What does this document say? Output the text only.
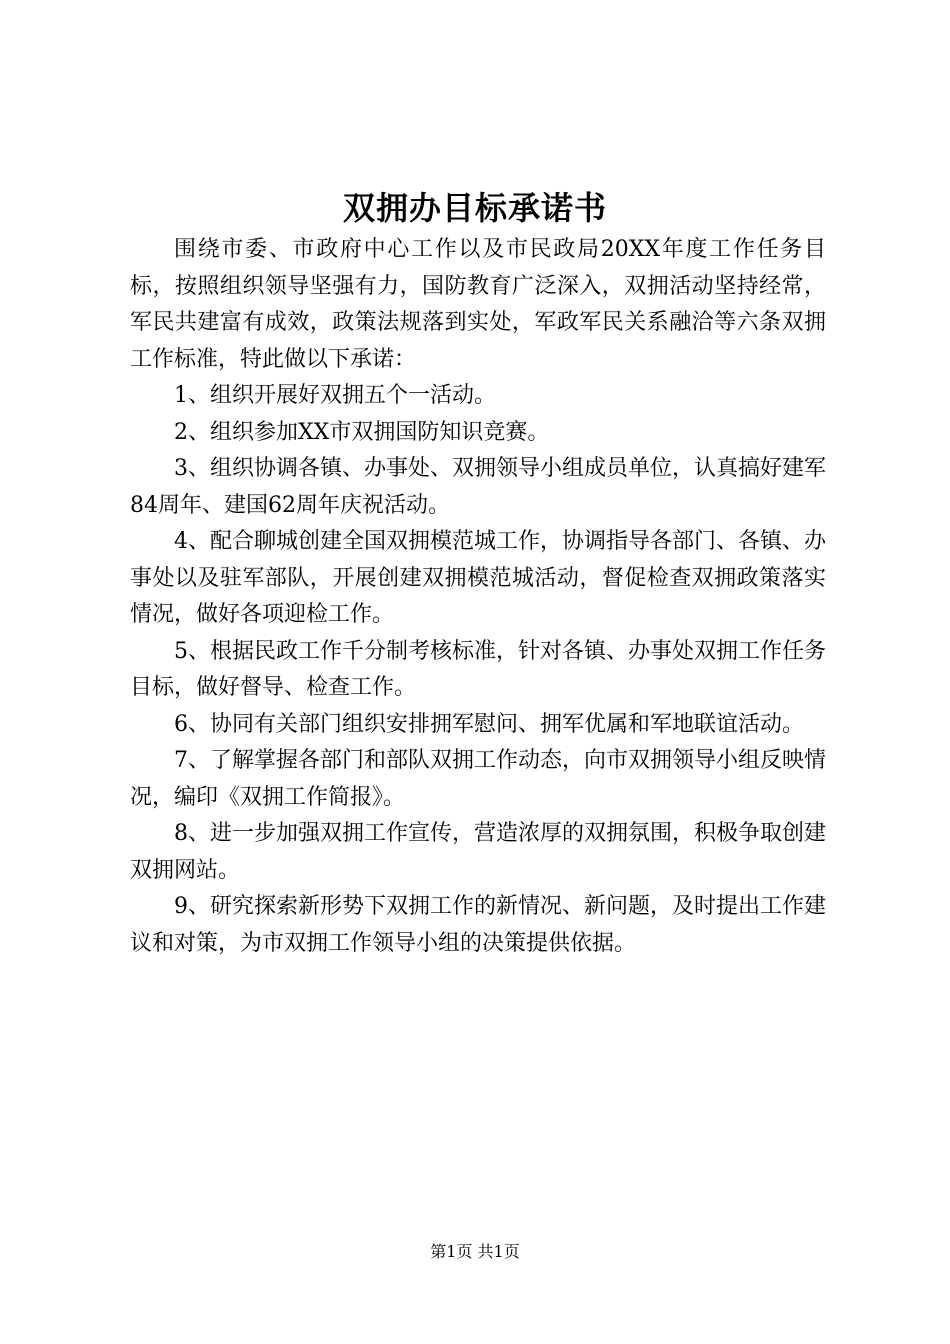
双拥办目标承诺书

围绕市委、市政府中心工作以及市民政局20XX年度工作任务目标，按照组织领导坚强有力，国防教育广泛深入，双拥活动坚持经常，军民共建富有成效，政策法规落到实处，军政军民关系融洽等六条双拥工作标准，特此做以下承诺：

1、组织开展好双拥五个一活动。

2、组织参加XX市双拥国防知识竞赛。

3、组织协调各镇、办事处、双拥领导小组成员单位，认真搞好建军84周年、建国62周年庆祝活动。

4、配合聊城创建全国双拥模范城工作，协调指导各部门、各镇、办事处以及驻军部队，开展创建双拥模范城活动，督促检查双拥政策落实情况，做好各项迎检工作。

5、根据民政工作千分制考核标准，针对各镇、办事处双拥工作任务目标，做好督导、检查工作。

6、协同有关部门组织安排拥军慰问、拥军优属和军地联谊活动。

7、了解掌握各部门和部队双拥工作动态，向市双拥领导小组反映情况，编印《双拥工作简报》。

8、进一步加强双拥工作宣传，营造浓厚的双拥氛围，积极争取创建双拥网站。

9、研究探索新形势下双拥工作的新情况、新问题，及时提出工作建议和对策，为市双拥工作领导小组的决策提供依据。

第1页 共1页
